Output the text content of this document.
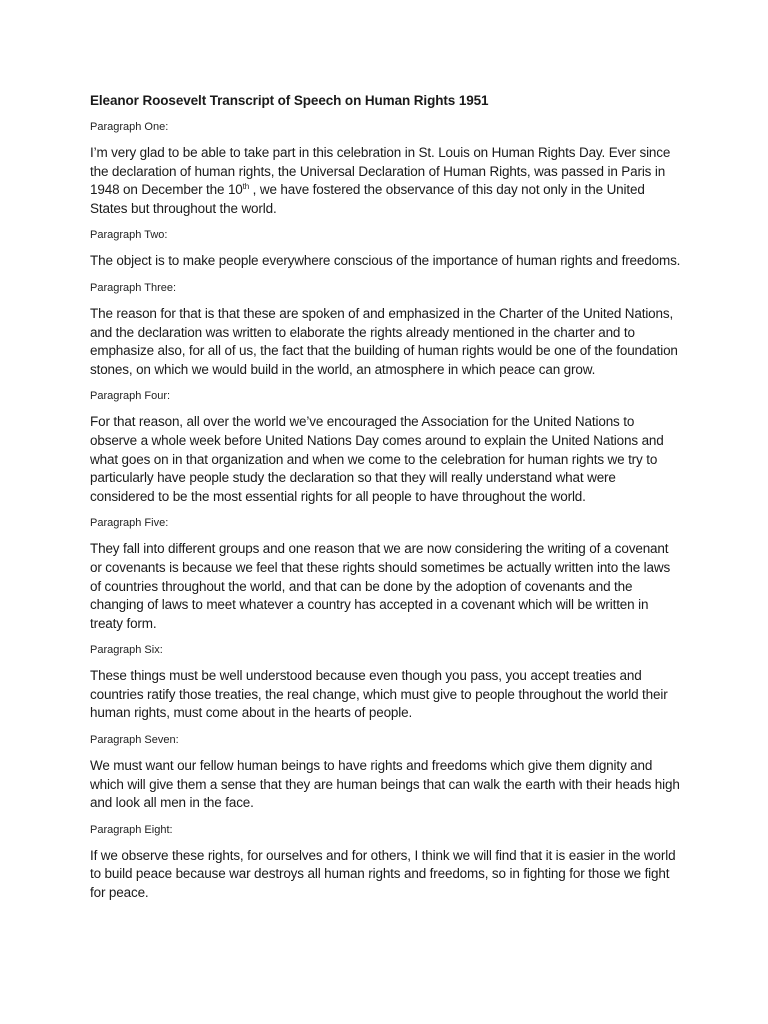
Eleanor Roosevelt Transcript of Speech on Human Rights 1951
Paragraph One:
I’m very glad to be able to take part in this celebration in St. Louis on Human Rights Day. Ever since the declaration of human rights, the Universal Declaration of Human Rights, was passed in Paris in 1948 on December the 10th , we have fostered the observance of this day not only in the United States but throughout the world.
Paragraph Two:
The object is to make people everywhere conscious of the importance of human rights and freedoms.
Paragraph Three:
The reason for that is that these are spoken of and emphasized in the Charter of the United Nations, and the declaration was written to elaborate the rights already mentioned in the charter and to emphasize also, for all of us, the fact that the building of human rights would be one of the foundation stones, on which we would build in the world, an atmosphere in which peace can grow.
Paragraph Four:
For that reason, all over the world we’ve encouraged the Association for the United Nations to observe a whole week before United Nations Day comes around to explain the United Nations and what goes on in that organization and when we come to the celebration for human rights we try to particularly have people study the declaration so that they will really understand what were considered to be the most essential rights for all people to have throughout the world.
Paragraph Five:
They fall into different groups and one reason that we are now considering the writing of a covenant or covenants is because we feel that these rights should sometimes be actually written into the laws of countries throughout the world, and that can be done by the adoption of covenants and the changing of laws to meet whatever a country has accepted in a covenant which will be written in treaty form.
Paragraph Six:
These things must be well understood because even though you pass, you accept treaties and countries ratify those treaties, the real change, which must give to people throughout the world their human rights, must come about in the hearts of people.
Paragraph Seven:
We must want our fellow human beings to have rights and freedoms which give them dignity and which will give them a sense that they are human beings that can walk the earth with their heads high and look all men in the face.
Paragraph Eight:
If we observe these rights, for ourselves and for others, I think we will find that it is easier in the world to build peace because war destroys all human rights and freedoms, so in fighting for those we fight for peace.
